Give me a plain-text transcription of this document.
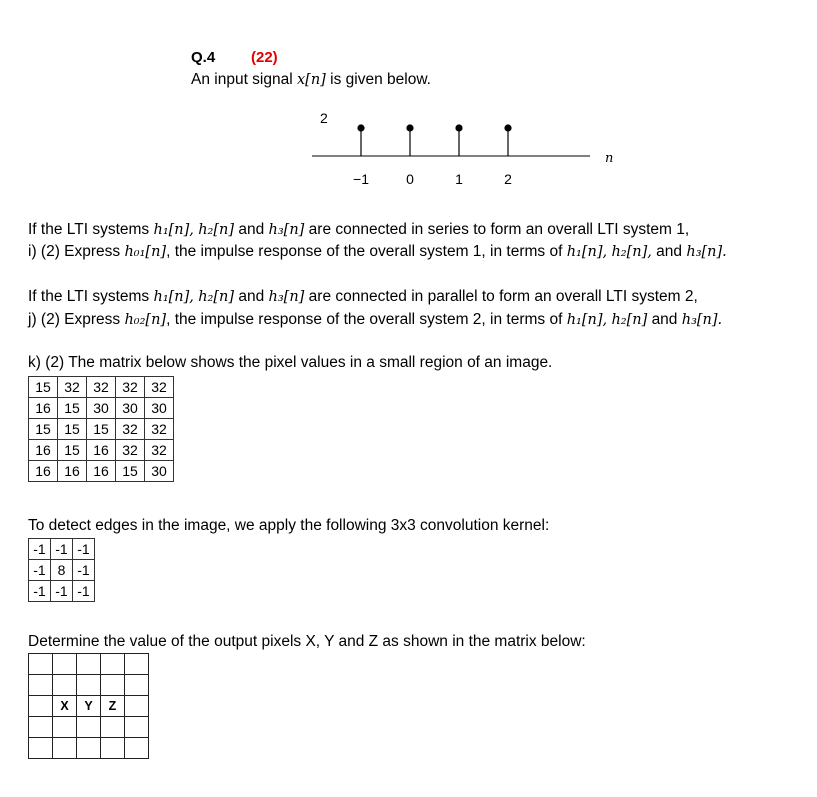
Q.4 (22)
An input signal x[n] is given below.
2
n
−1	0	1	2
If the LTI systems h₁[n], h₂[n] and h₃[n] are connected in series to form an overall LTI system 1,
i) (2) Express h₀₁[n], the impulse response of the overall system 1, in terms of h₁[n], h₂[n], and h₃[n].
If the LTI systems h₁[n], h₂[n] and h₃[n] are connected in parallel to form an overall LTI system 2,
j) (2) Express h₀₂[n], the impulse response of the overall system 2, in terms of h₁[n], h₂[n] and h₃[n].
k) (2) The matrix below shows the pixel values in a small region of an image.
15	32	32	32	32
16	15	30	30	30
15	15	15	32	32
16	15	16	32	32
16	16	16	15	30
To detect edges in the image, we apply the following 3x3 convolution kernel:
-1	-1	-1
-1	8	-1
-1	-1	-1
Determine the value of the output pixels X, Y and Z as shown in the matrix below:

	X	Y	Z	
